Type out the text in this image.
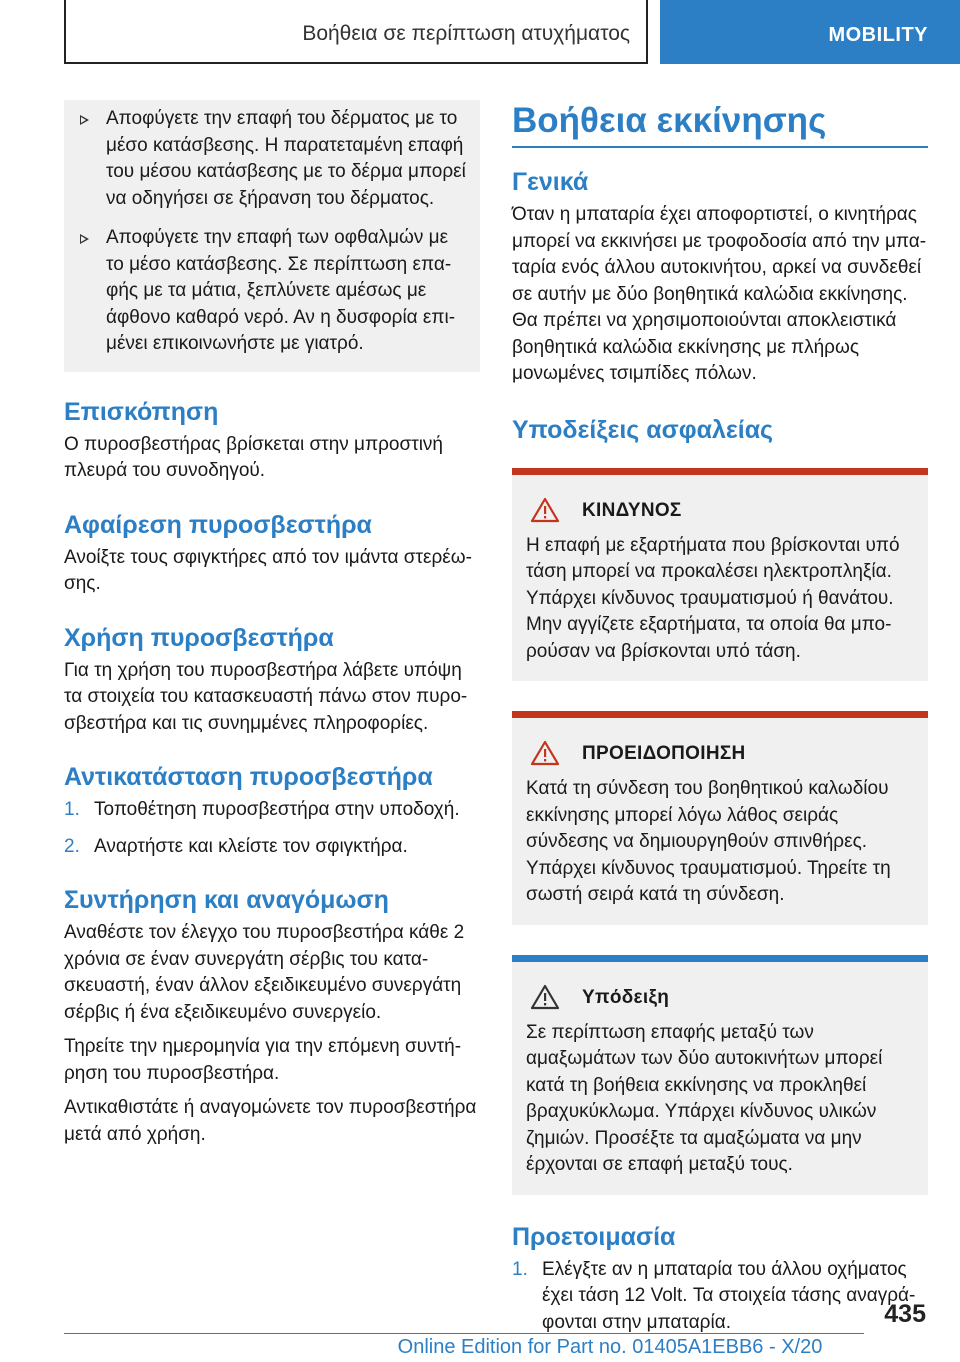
Βοήθεια σε περίπτωση ατυχήματος	MOBILITY
Αποφύγετε την επαφή του δέρματος με το μέσο κατάσβεσης. Η παρατεταμένη επαφή του μέσου κατάσβεσης με το δέρμα μπορεί να οδηγήσει σε ξήρανση του δέρματος.
Αποφύγετε την επαφή των οφθαλμών με το μέσο κατάσβεσης. Σε περίπτωση επαφής με τα μάτια, ξεπλύνετε αμέσως με άφθονο καθαρό νερό. Αν η δυσφορία επιμένει επικοινωνήστε με γιατρό.
Επισκόπηση

Ο πυροσβεστήρας βρίσκεται στην μπροστινή πλευρά του συνοδηγού.

Αφαίρεση πυροσβεστήρα

Ανοίξτε τους σφιγκτήρες από τον ιμάντα στερέωσης.

Χρήση πυροσβεστήρα

Για τη χρήση του πυροσβεστήρα λάβετε υπόψη τα στοιχεία του κατασκευαστή πάνω στον πυροσβεστήρα και τις συνημμένες πληροφορίες.

Αντικατάσταση πυροσβεστήρα
1. Τοποθέτηση πυροσβεστήρα στην υποδοχή.
2. Αναρτήστε και κλείστε τον σφιγκτήρα.
Συντήρηση και αναγόμωση

Αναθέστε τον έλεγχο του πυροσβεστήρα κάθε 2 χρόνια σε έναν συνεργάτη σέρβις του κατασκευαστή, έναν άλλον εξειδικευμένο συνεργάτη σέρβις ή ένα εξειδικευμένο συνεργείο.

Τηρείτε την ημερομηνία για την επόμενη συντήρηση του πυροσβεστήρα.

Αντικαθιστάτε ή αναγομώνετε τον πυροσβεστήρα μετά από χρήση.

Βοήθεια εκκίνησης
Γενικά

Όταν η μπαταρία έχει αποφορτιστεί, ο κινητήρας μπορεί να εκκινήσει με τροφοδοσία από την μπαταρία ενός άλλου αυτοκινήτου, αρκεί να συνδεθεί σε αυτήν με δύο βοηθητικά καλώδια εκκίνησης. Θα πρέπει να χρησιμοποιούνται αποκλειστικά βοηθητικά καλώδια εκκίνησης με πλήρως μονωμένες τσιμπίδες πόλων.

Υποδείξεις ασφαλείας
ΚΙΝΔΥΝΟΣ

Η επαφή με εξαρτήματα που βρίσκονται υπό τάση μπορεί να προκαλέσει ηλεκτροπληξία. Υπάρχει κίνδυνος τραυματισμού ή θανάτου. Μην αγγίζετε εξαρτήματα, τα οποία θα μπορούσαν να βρίσκονται υπό τάση.

ΠΡΟΕΙΔΟΠΟΙΗΣΗ

Κατά τη σύνδεση του βοηθητικού καλωδίου εκκίνησης μπορεί λόγω λάθος σειράς σύνδεσης να δημιουργηθούν σπινθήρες. Υπάρχει κίνδυνος τραυματισμού. Τηρείτε τη σωστή σειρά κατά τη σύνδεση.

Υπόδειξη

Σε περίπτωση επαφής μεταξύ των αμαξωμάτων των δύο αυτοκινήτων μπορεί κατά τη βοήθεια εκκίνησης να προκληθεί βραχυκύκλωμα. Υπάρχει κίνδυνος υλικών ζημιών. Προσέξτε τα αμαξώματα να μην έρχονται σε επαφή μεταξύ τους.

Προετοιμασία
1. Ελέγξτε αν η μπαταρία του άλλου οχήματος έχει τάση 12 Volt. Τα στοιχεία τάσης αναγράφονται στην μπαταρία.	435
Online Edition for Part no. 01405A1EBB6 - X/20
